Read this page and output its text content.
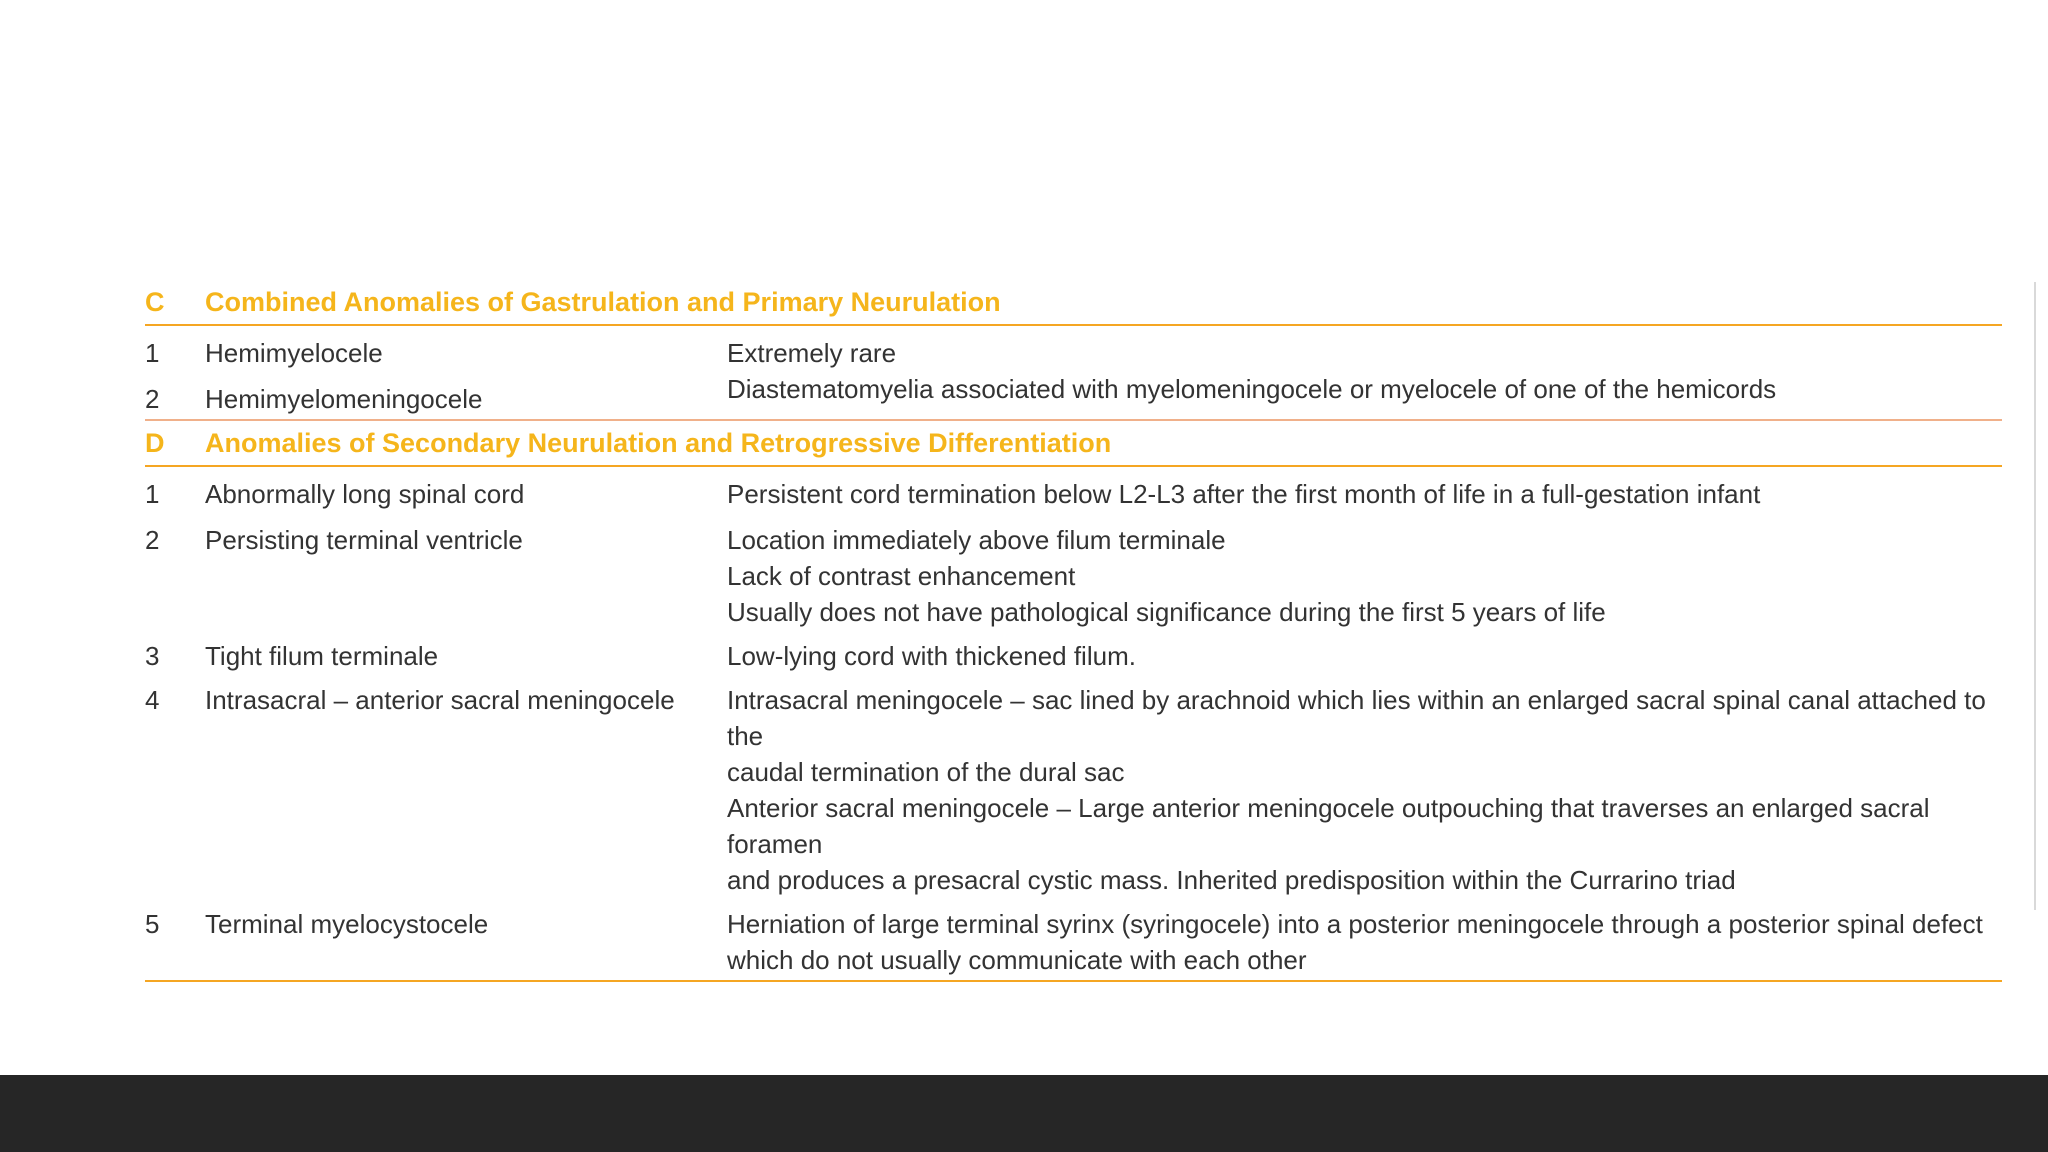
C	Combined Anomalies of Gastrulation and Primary Neurulation
1	Hemimyelocele	Extremely rare
2	Hemimyelomeningocele	Diastematomyelia associated with myelomeningocele or myelocele of one of the hemicords
D	Anomalies of Secondary Neurulation and Retrogressive Differentiation
1	Abnormally long spinal cord	Persistent cord termination below L2-L3 after the first month of life in a full-gestation infant
2	Persisting terminal ventricle	Location immediately above filum terminale
Lack of contrast enhancement
Usually does not have pathological significance during the first 5 years of life
3	Tight filum terminale	Low-lying cord with thickened filum.
4	Intrasacral – anterior sacral meningocele	Intrasacral meningocele – sac lined by arachnoid which lies within an enlarged sacral spinal canal attached to the
caudal termination of the dural sac
Anterior sacral meningocele – Large anterior meningocele outpouching that traverses an enlarged sacral foramen
and produces a presacral cystic mass. Inherited predisposition within the Currarino triad
5	Terminal myelocystocele	Herniation of large terminal syrinx (syringocele) into a posterior meningocele through a posterior spinal defect
which do not usually communicate with each other
